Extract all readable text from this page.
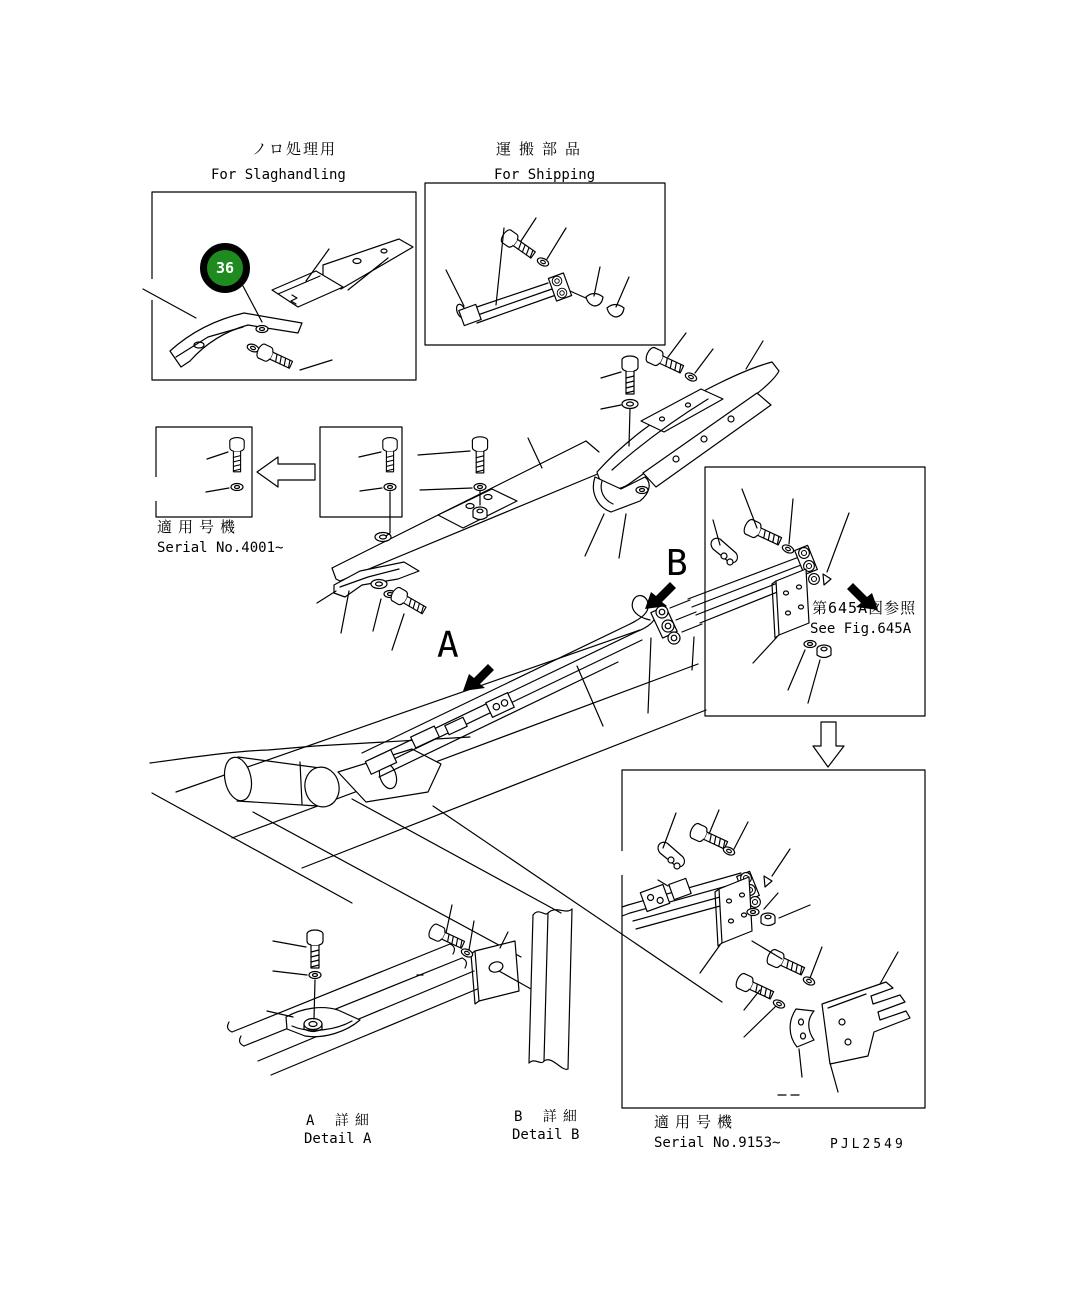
36
ノロ処理用
For Slaghandling
運搬部品
For Shipping
適用号機
Serial No.4001~
第645A図参照
See Fig.645A
A
B
A 詳細
Detail A
B 詳細
Detail B
適用号機
Serial No.9153~	PJL2549
